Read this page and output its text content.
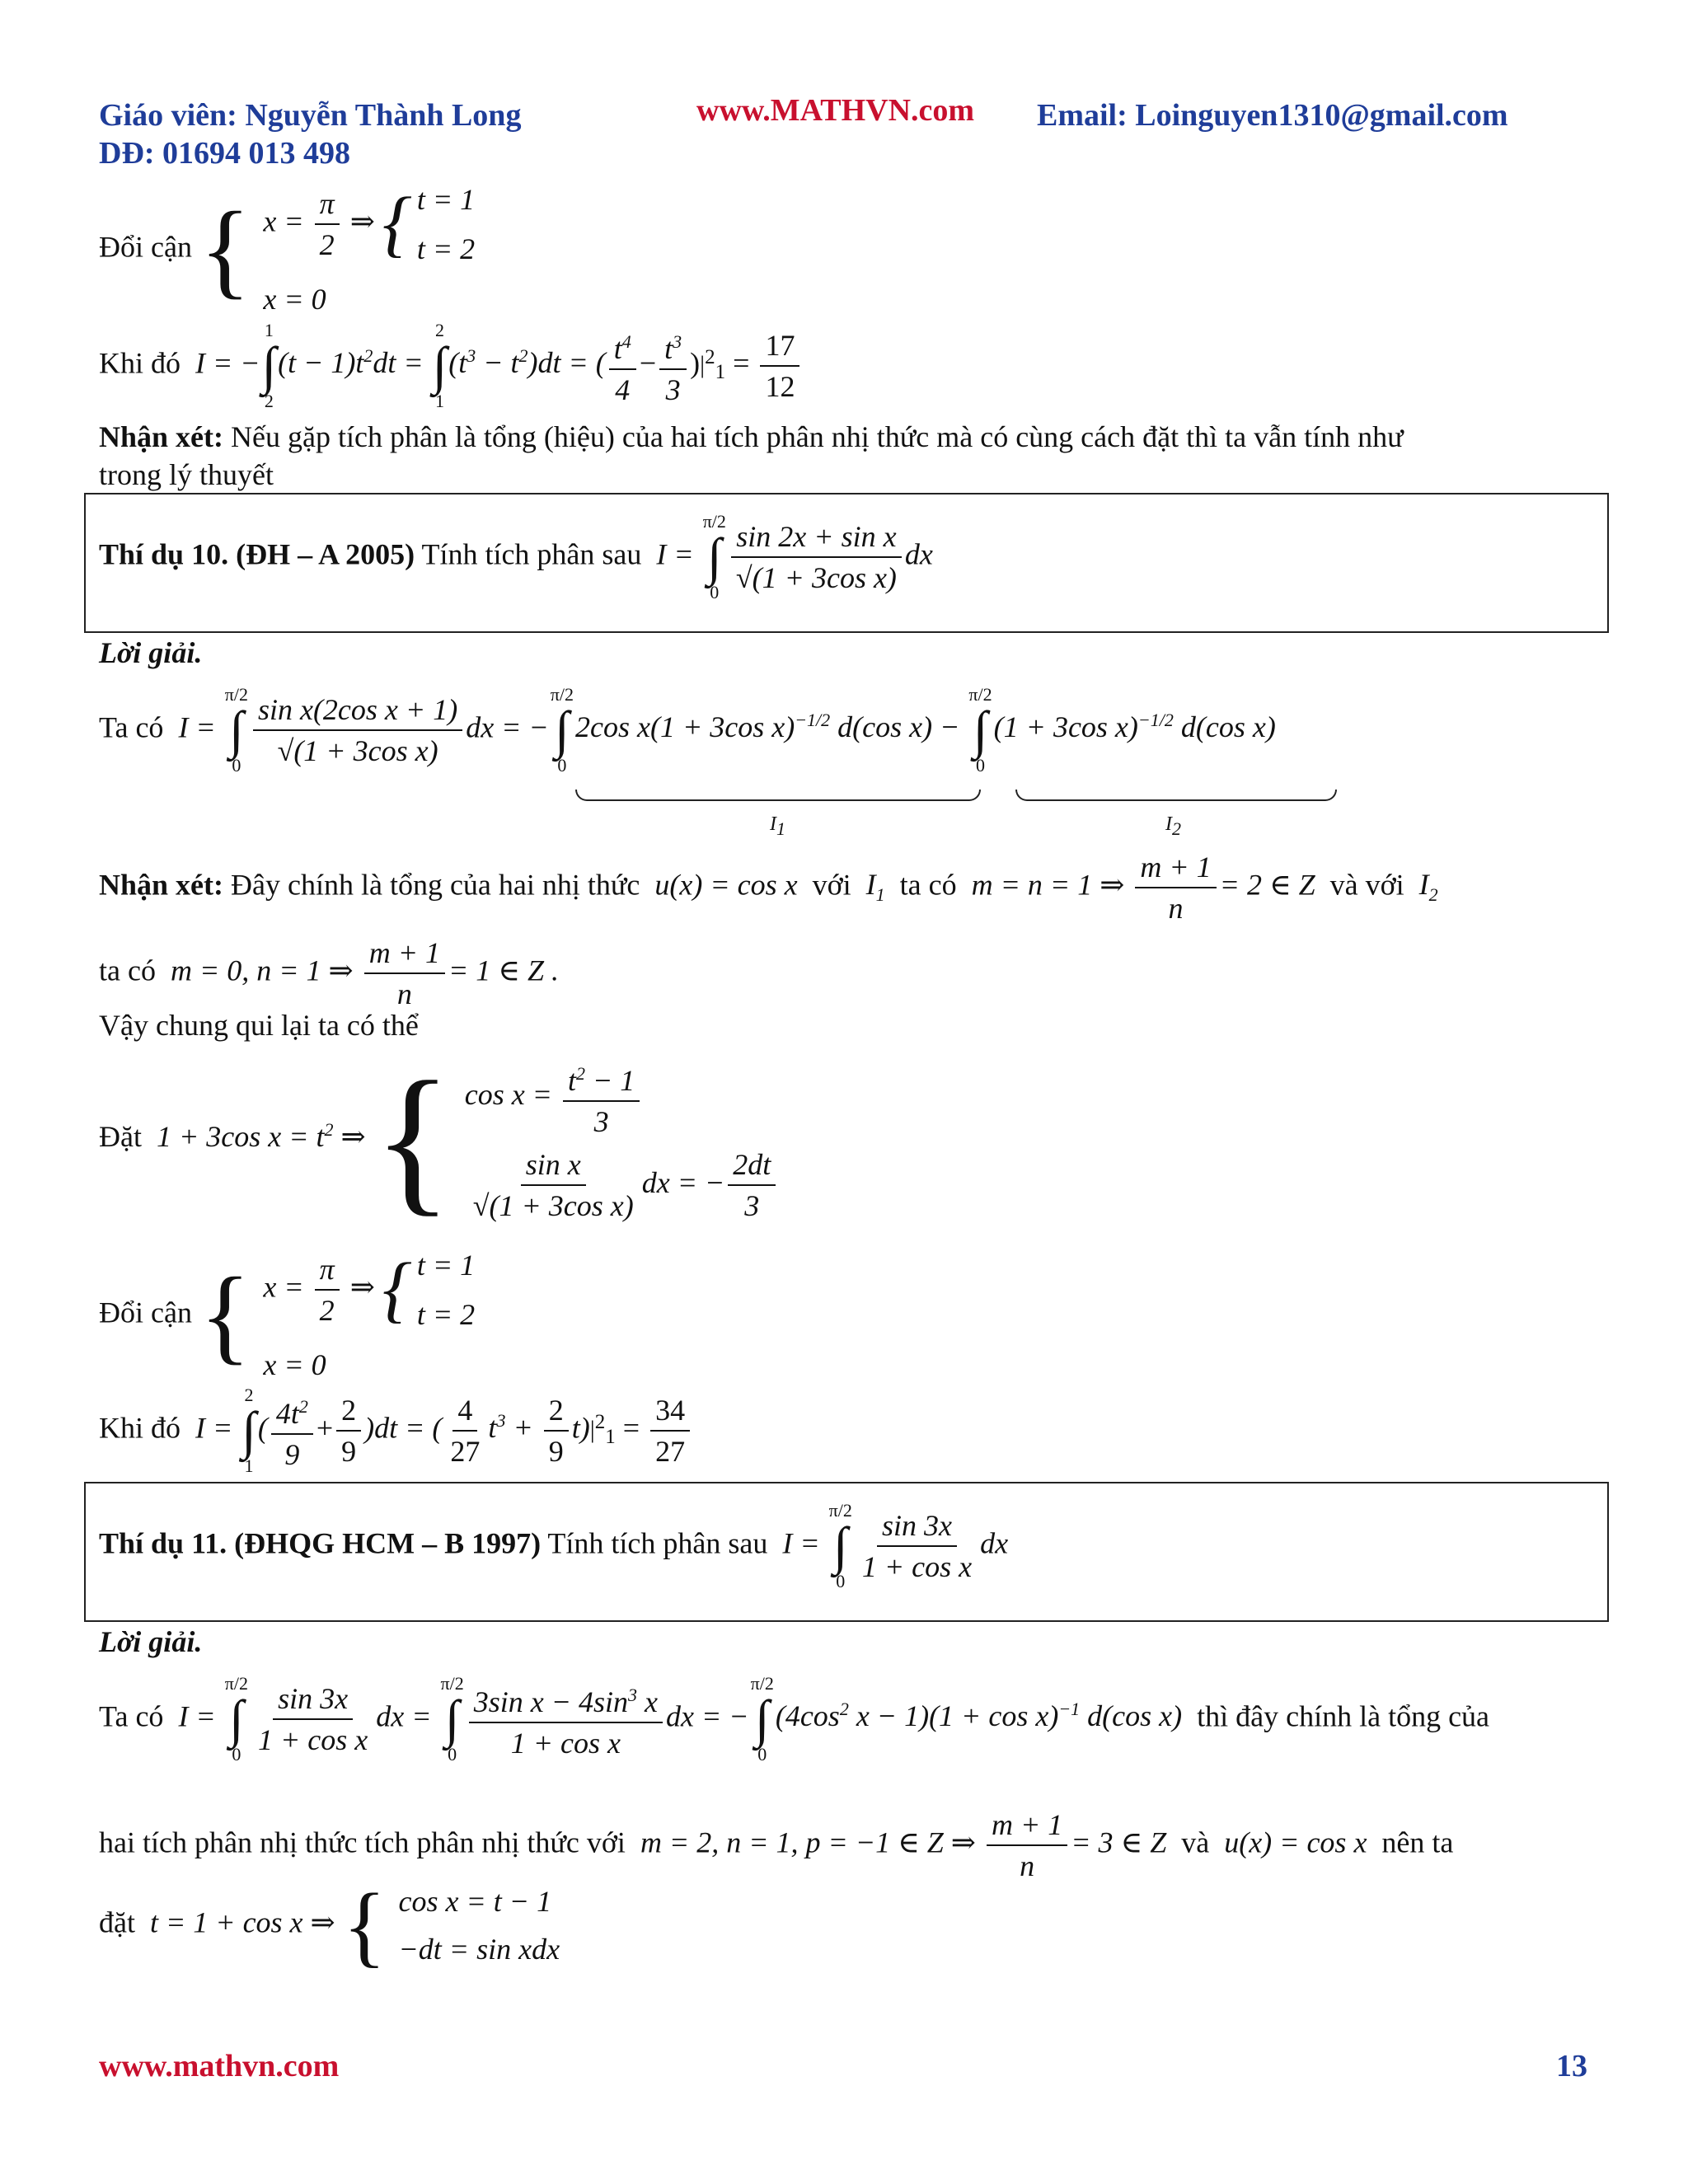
Giáo viên: Nguyễn Thành Long	www.MATHVN.com Email: Loinguyen1310@gmail.com
DĐ: 01694 013 498
Đổi cận { $x = \frac{\pi}{2}$ ⇒ { t = 1
t = 2
x = 0
Khi đó  I = −
1
∫
2
$(t - 1)t^2dt$ =
2
∫
1
$(t^3 - t^2)dt$ = ( $\frac{t^4}{4} - \frac{t^3}{3} )|^2_1 = \frac{17}{12}$
Nhận xét: Nếu gặp tích phân là tổng (hiệu) của hai tích phân nhị thức mà có cùng cách đặt thì ta vẫn tính như
trong lý thuyết
Thí dụ 10. (ĐH – A 2005) Tính tích phân sau  I =
π/2
∫
$0 \frac{\text{sin 2x + sin x}}{\text{√(1 + 3cos x)}}$ dx
Lời giải.
Ta có  I =
π/2
∫
$0 \frac{\text{sin x(2cos x + 1)}}{\text{√(1 + 3cos x)}}$ dx = −
π/2
∫
0
2cos x(1 + 3cos x)$^{-1/2}$ d(cos x) −
π/2
∫
0
(1 + 3cos x)$^{-1/2}$ d(cos x)
I1	I2
Nhận xét: Đây chính là tổng của hai nhị thức  u(x) = cos x  với  $I_1$ ta có  m = n = 1 ⇒ $\frac{m + 1}{n} = 2$ ∈ Z  và với  $I_2$
ta có  m = 0, n = 1 ⇒ $\frac{m + 1}{n} = 1$ ∈ Z .
Vậy chung qui lại ta có thể
Đặt  1 + 3cos $x = t^2$ ⇒ { $\cos x = \frac{t^2 - 1}{3}$
$\frac{\text{sin x}}{\text{√(1 + 3cos x)}}$ dx = − $\frac{2dt}{3}$
Đổi cận { $x = \frac{\pi}{2}$ ⇒ { t = 1
t = 2
x = 0
Khi đó  I =
2
∫
1
( $\frac{4t^2}{9} + \frac{2}{9} )dt$ = ( $\frac{4}{27} t^3 + \frac{2}{9} t)|^2_1 = \frac{34}{27}$
Thí dụ 11. (ĐHQG HCM – B 1997) Tính tích phân sau  I =
π/2
∫
$0 \frac{\sin 3x}{\text{1 + cos x}}$ dx
Lời giải.
Ta có  I =
π/2
∫
$0 \frac{\sin 3x}{\text{1 + cos x}}$ dx =
π/2
∫
$0 \frac{3\sin x - 4\sin^3 x}{\text{1 + cos x}}$ dx = −
π/2
∫
0
($4\cos^2$ $x - 1)(1 + \cos x)^{-1}$ d(cos x)  thì đây chính là tổng của
hai tích phân nhị thức tích phân nhị thức với  m = 2, n = 1, p = −1 ∈ Z ⇒ $\frac{m + 1}{n} = 3$ ∈ Z  và  u(x) = cos x  nên ta
đặt  t = 1 + cos x ⇒ { cos x = t − 1
−dt = sin xdx
www.mathvn.com	13
